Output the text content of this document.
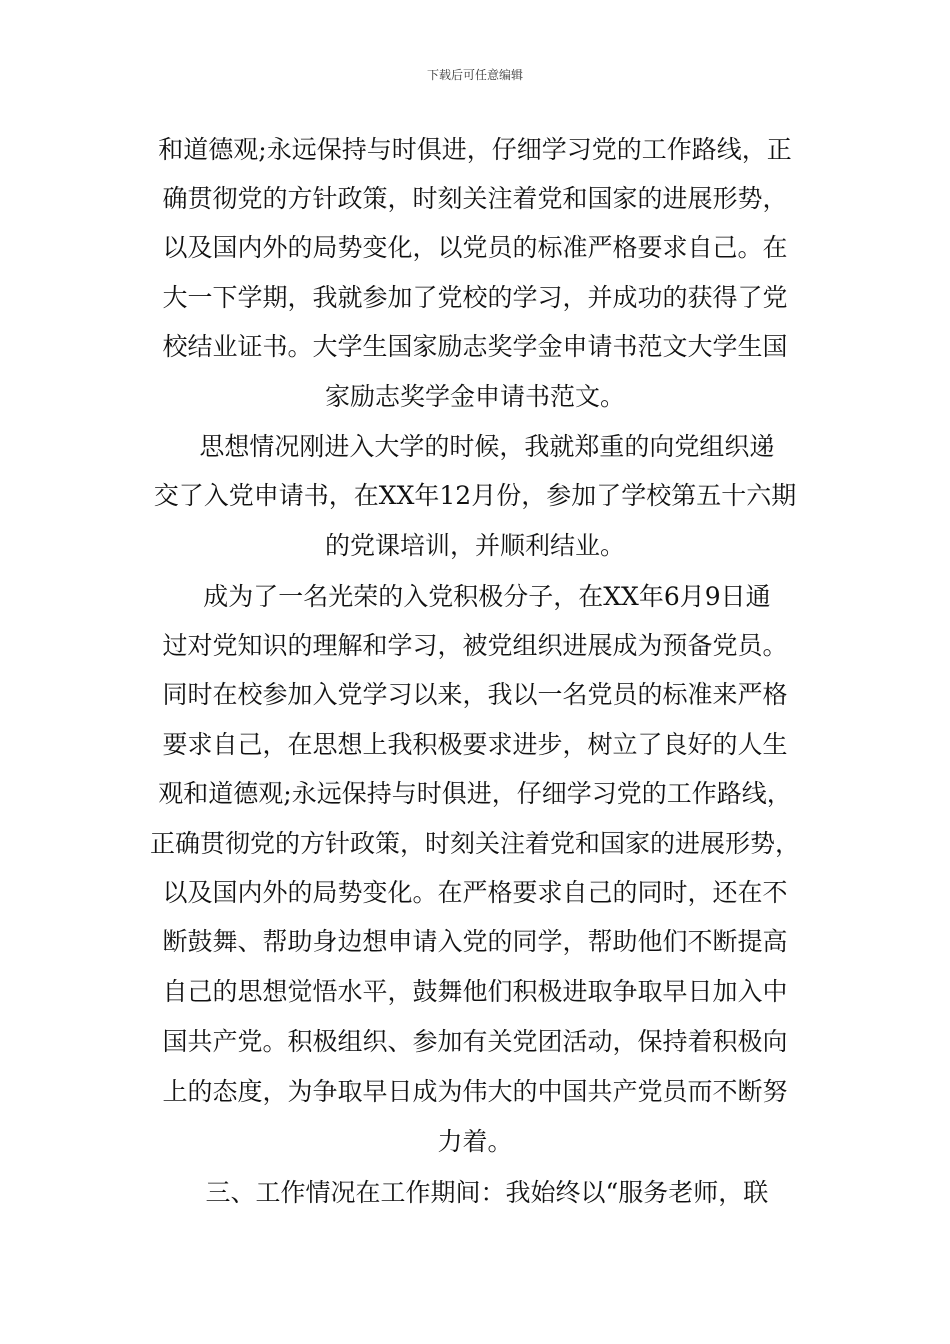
下载后可任意编辑
和道德观;永远保持与时俱进，仔细学习党的工作路线，正
确贯彻党的方针政策，时刻关注着党和国家的进展形势，
以及国内外的局势变化，以党员的标准严格要求自己。在
大一下学期，我就参加了党校的学习，并成功的获得了党
校结业证书。大学生国家励志奖学金申请书范文大学生国
家励志奖学金申请书范文。
思想情况刚进入大学的时候，我就郑重的向党组织递
交了入党申请书，在XX年12月份，参加了学校第五十六期
的党课培训，并顺利结业。
成为了一名光荣的入党积极分子，在XX年6月9日通
过对党知识的理解和学习，被党组织进展成为预备党员。
同时在校参加入党学习以来，我以一名党员的标准来严格
要求自己，在思想上我积极要求进步，树立了良好的人生
观和道德观;永远保持与时俱进，仔细学习党的工作路线，
正确贯彻党的方针政策，时刻关注着党和国家的进展形势，
以及国内外的局势变化。在严格要求自己的同时，还在不
断鼓舞、帮助身边想申请入党的同学，帮助他们不断提高
自己的思想觉悟水平，鼓舞他们积极进取争取早日加入中
国共产党。积极组织、参加有关党团活动，保持着积极向
上的态度，为争取早日成为伟大的中国共产党员而不断努
力着。
三、工作情况在工作期间：我始终以“服务老师，联
